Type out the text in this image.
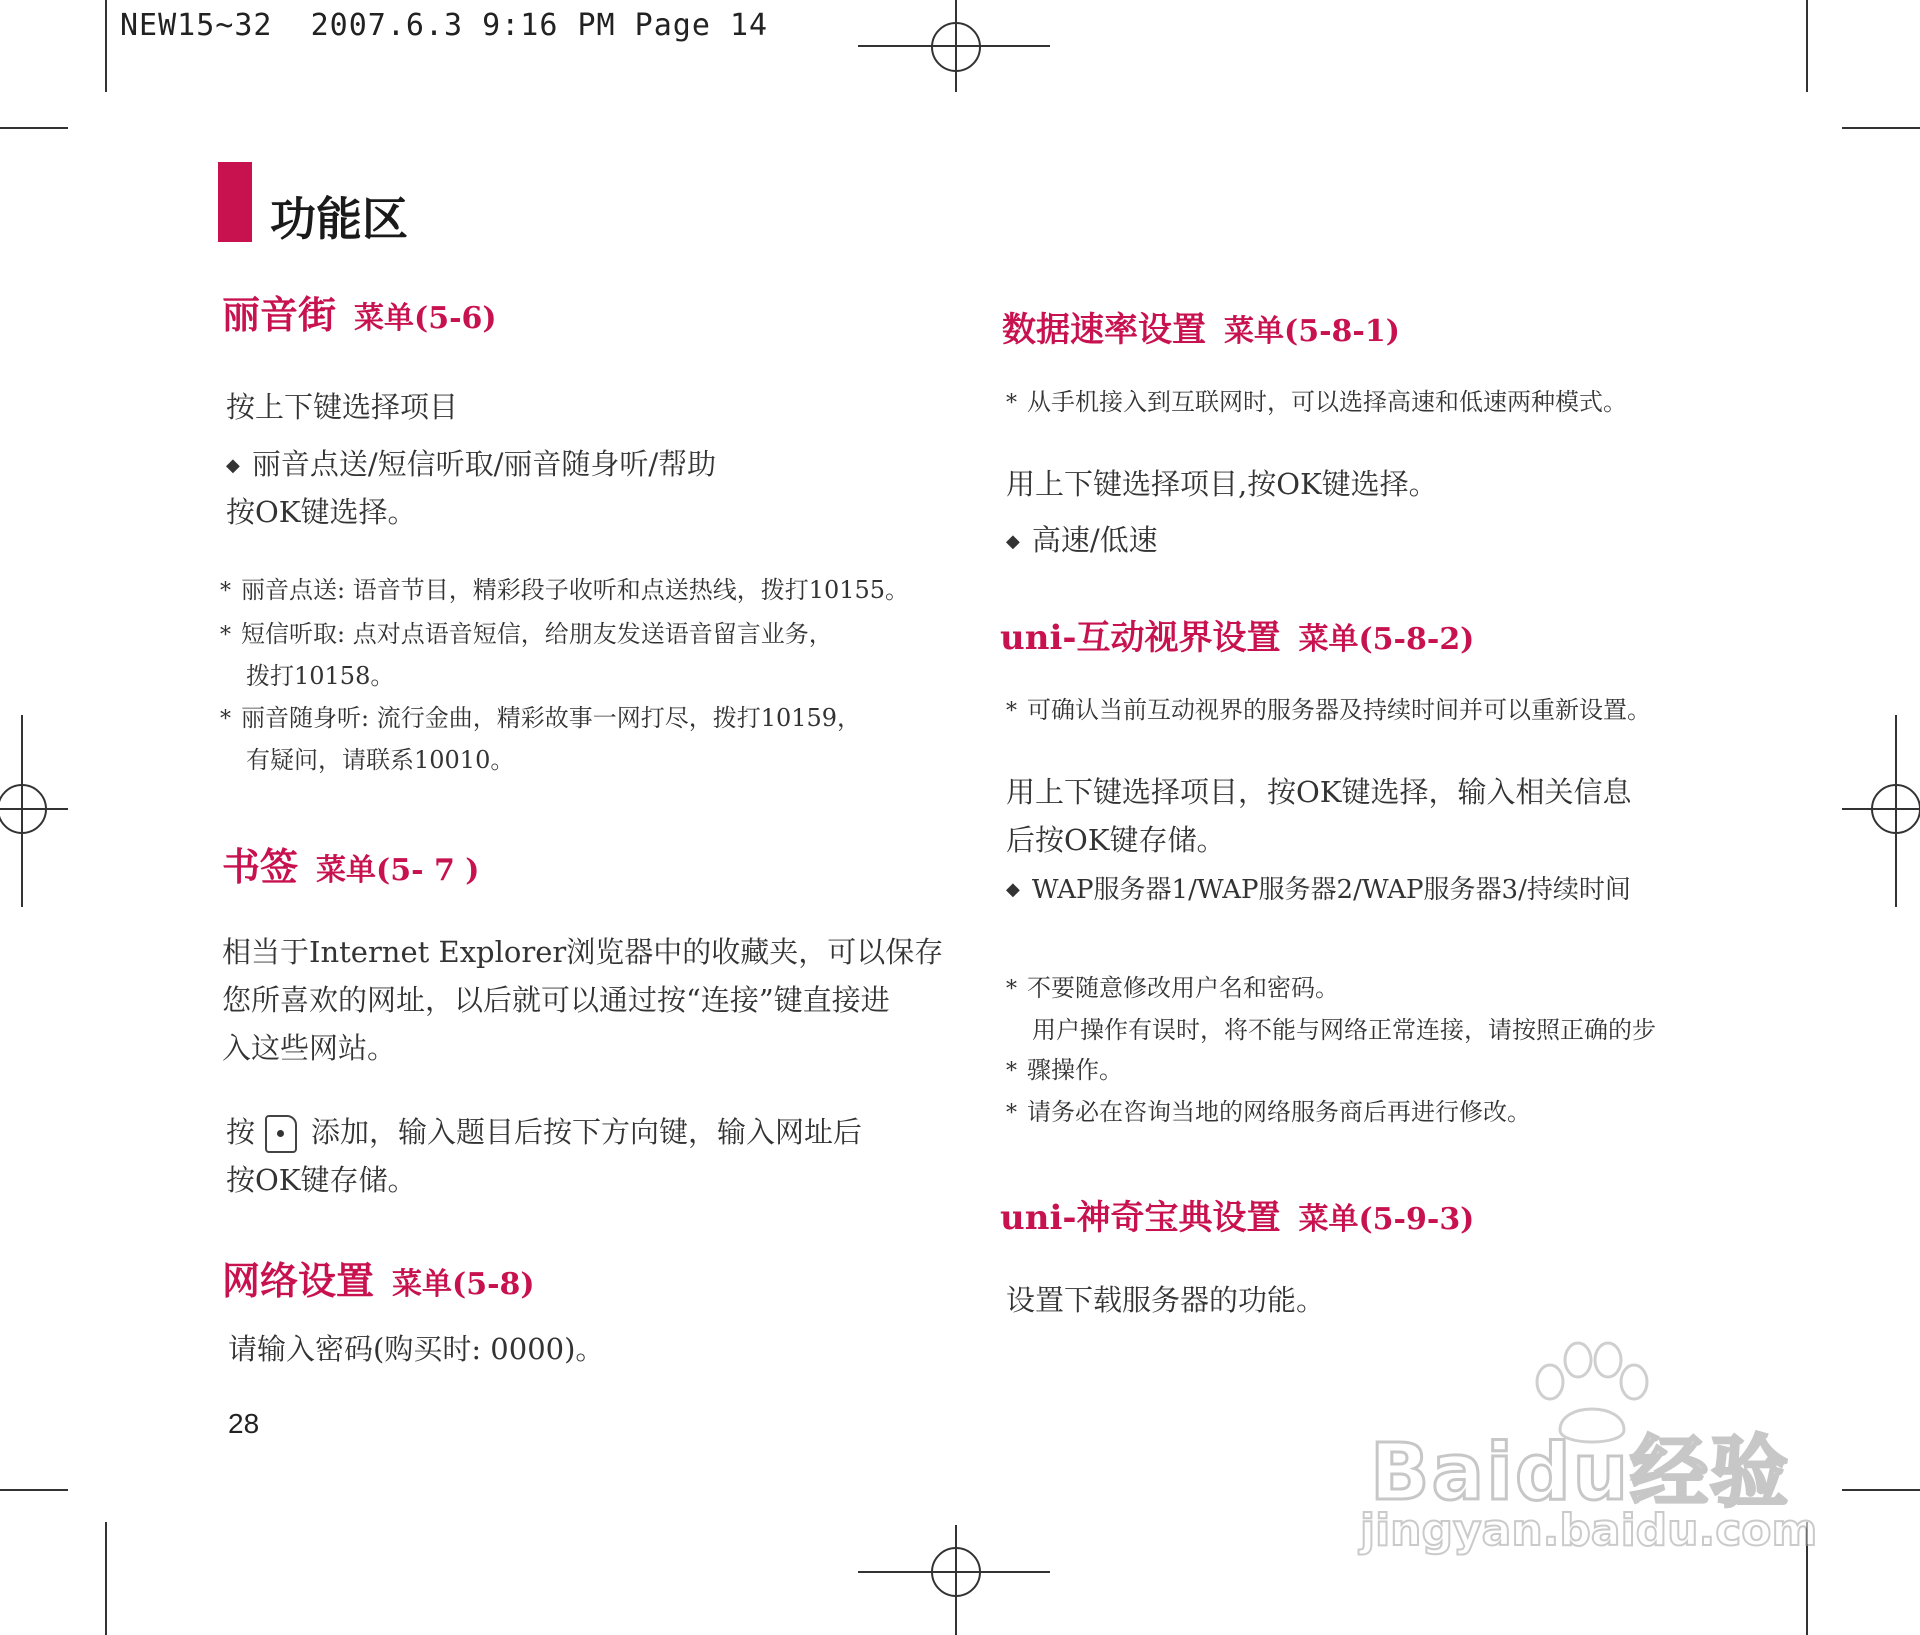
NEW15~32  2007.6.3 9:16 PM Page 14
功能区
丽音街 菜单(5-6)
按上下键选择项目
◆ 丽音点送/短信听取/丽音随身听/帮助
按OK键选择。
* 丽音点送: 语音节目，精彩段子收听和点送热线，拨打10155。
* 短信听取: 点对点语音短信，给朋友发送语音留言业务，
拨打10158。
* 丽音随身听: 流行金曲，精彩故事一网打尽，拨打10159，
有疑问，请联系10010。
书签 菜单(5- 7 )
相当于Internet Explorer浏览器中的收藏夹，可以保存
您所喜欢的网址，以后就可以通过按“连接”键直接进
入这些网站。
按 添加，输入题目后按下方向键，输入网址后
按OK键存储。
网络设置 菜单(5-8)
请输入密码(购买时: 0000)。
28
数据速率设置 菜单(5-8-1)
* 从手机接入到互联网时，可以选择高速和低速两种模式。
用上下键选择项目,按OK键选择。
◆ 高速/低速
uni-互动视界设置 菜单(5-8-2)
* 可确认当前互动视界的服务器及持续时间并可以重新设置。
用上下键选择项目，按OK键选择，输入相关信息
后按OK键存储。
◆ WAP服务器1/WAP服务器2/WAP服务器3/持续时间
* 不要随意修改用户名和密码。
用户操作有误时，将不能与网络正常连接，请按照正确的步
* 骤操作。
* 请务必在咨询当地的网络服务商后再进行修改。
uni-神奇宝典设置 菜单(5-9-3)
设置下载服务器的功能。
Baidu经验
jingyan.baidu.com
